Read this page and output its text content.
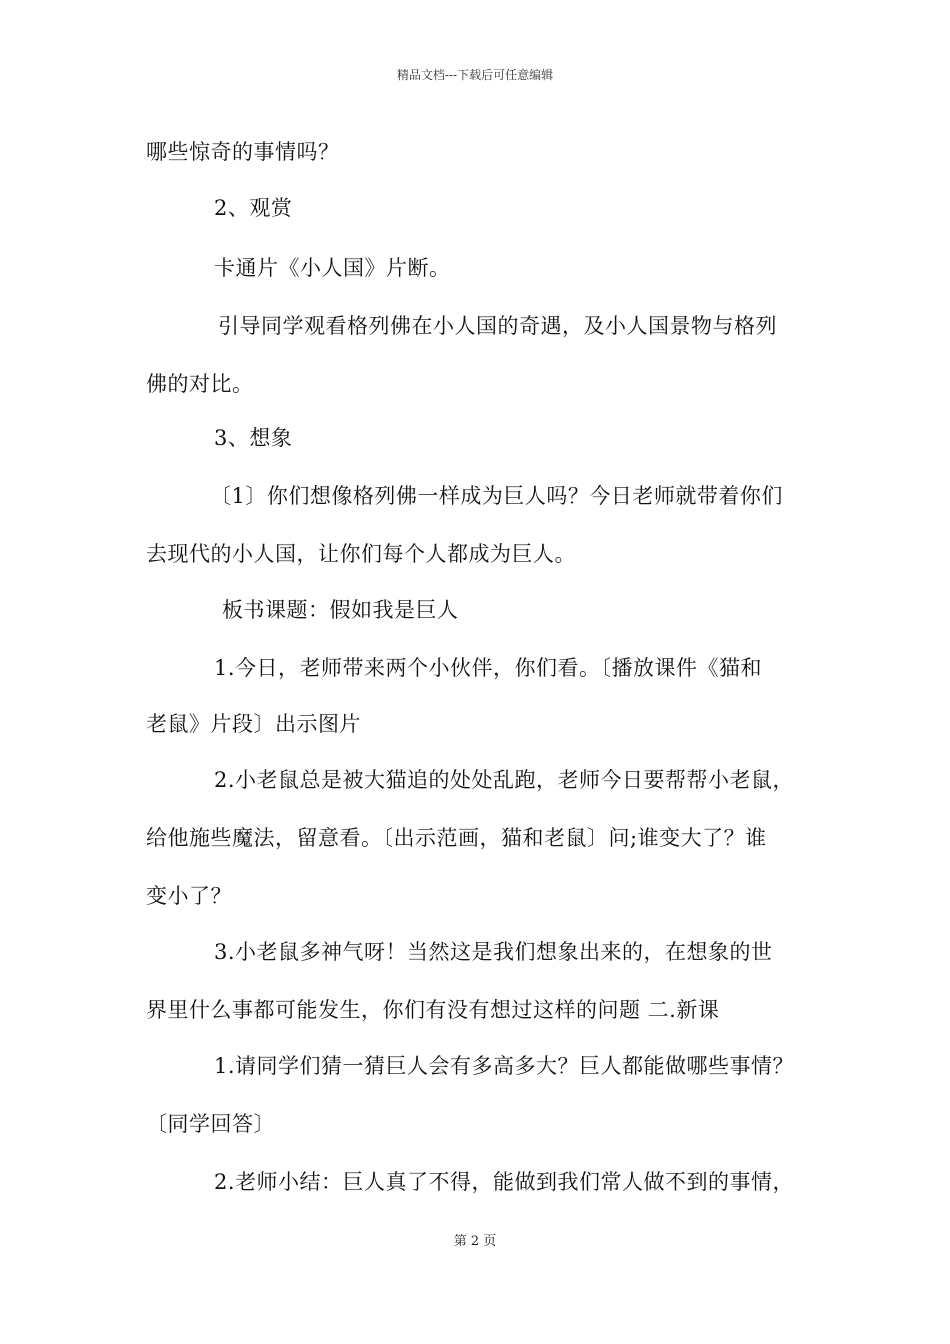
精品文档---下载后可任意编辑
哪些惊奇的事情吗？
2、观赏
卡通片《小人国》片断。
引导同学观看格列佛在小人国的奇遇，及小人国景物与格列
佛的对比。
3、想象
〔1〕你们想像格列佛一样成为巨人吗？今日老师就带着你们
去现代的小人国，让你们每个人都成为巨人。
板书课题：假如我是巨人
1.今日，老师带来两个小伙伴，你们看。〔播放课件《猫和
老鼠》片段〕出示图片
2.小老鼠总是被大猫追的处处乱跑，老师今日要帮帮小老鼠，
给他施些魔法，留意看。〔出示范画，猫和老鼠〕问;谁变大了？谁
变小了？
3.小老鼠多神气呀！当然这是我们想象出来的，在想象的世
界里什么事都可能发生，你们有没有想过这样的问题 二.新课
1.请同学们猜一猜巨人会有多高多大？巨人都能做哪些事情？
〔同学回答〕
2.老师小结：巨人真了不得，能做到我们常人做不到的事情，
第 2 页
